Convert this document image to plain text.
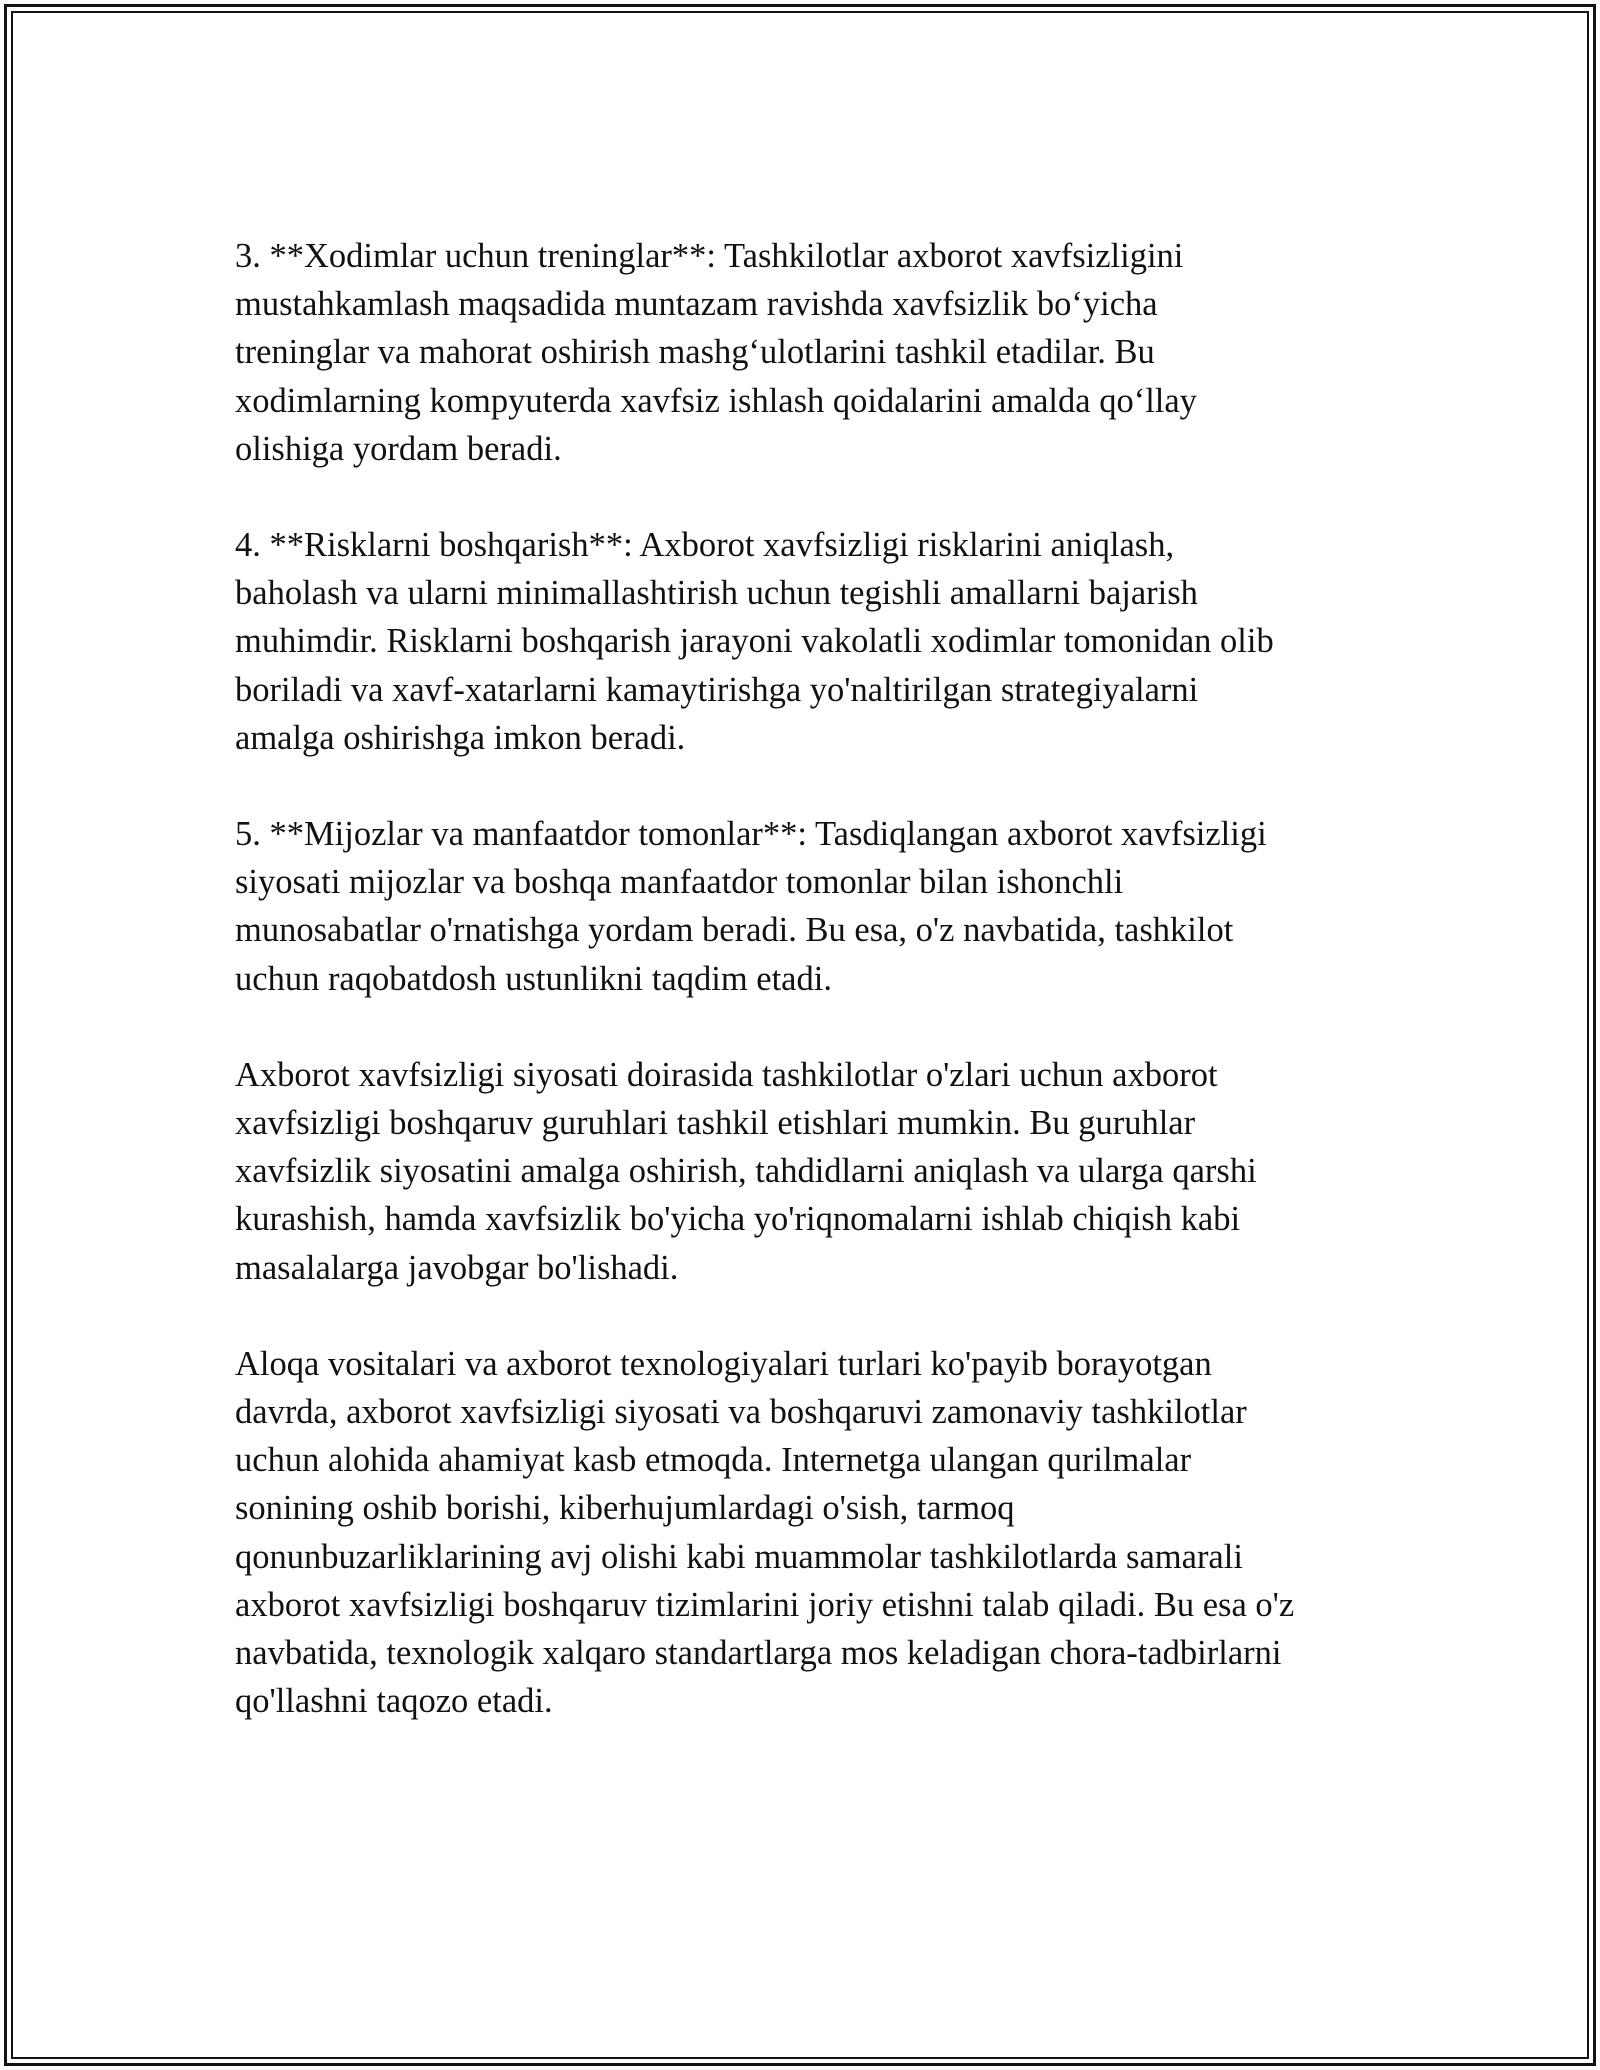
3. **Xodimlar uchun treninglar**: Tashkilotlar axborot xavfsizligini
mustahkamlash maqsadida muntazam ravishda xavfsizlik bo‘yicha
treninglar va mahorat oshirish mashg‘ulotlarini tashkil etadilar. Bu
xodimlarning kompyuterda xavfsiz ishlash qoidalarini amalda qo‘llay
olishiga yordam beradi.

4. **Risklarni boshqarish**: Axborot xavfsizligi risklarini aniqlash,
baholash va ularni minimallashtirish uchun tegishli amallarni bajarish
muhimdir. Risklarni boshqarish jarayoni vakolatli xodimlar tomonidan olib
boriladi va xavf-xatarlarni kamaytirishga yo'naltirilgan strategiyalarni
amalga oshirishga imkon beradi.

5. **Mijozlar va manfaatdor tomonlar**: Tasdiqlangan axborot xavfsizligi
siyosati mijozlar va boshqa manfaatdor tomonlar bilan ishonchli
munosabatlar o'rnatishga yordam beradi. Bu esa, o'z navbatida, tashkilot
uchun raqobatdosh ustunlikni taqdim etadi.

Axborot xavfsizligi siyosati doirasida tashkilotlar o'zlari uchun axborot
xavfsizligi boshqaruv guruhlari tashkil etishlari mumkin. Bu guruhlar
xavfsizlik siyosatini amalga oshirish, tahdidlarni aniqlash va ularga qarshi
kurashish, hamda xavfsizlik bo'yicha yo'riqnomalarni ishlab chiqish kabi
masalalarga javobgar bo'lishadi.

Aloqa vositalari va axborot texnologiyalari turlari ko'payib borayotgan
davrda, axborot xavfsizligi siyosati va boshqaruvi zamonaviy tashkilotlar
uchun alohida ahamiyat kasb etmoqda. Internetga ulangan qurilmalar
sonining oshib borishi, kiberhujumlardagi o'sish, tarmoq
qonunbuzarliklarining avj olishi kabi muammolar tashkilotlarda samarali
axborot xavfsizligi boshqaruv tizimlarini joriy etishni talab qiladi. Bu esa o'z
navbatida, texnologik xalqaro standartlarga mos keladigan chora-tadbirlarni
qo'llashni taqozo etadi.
